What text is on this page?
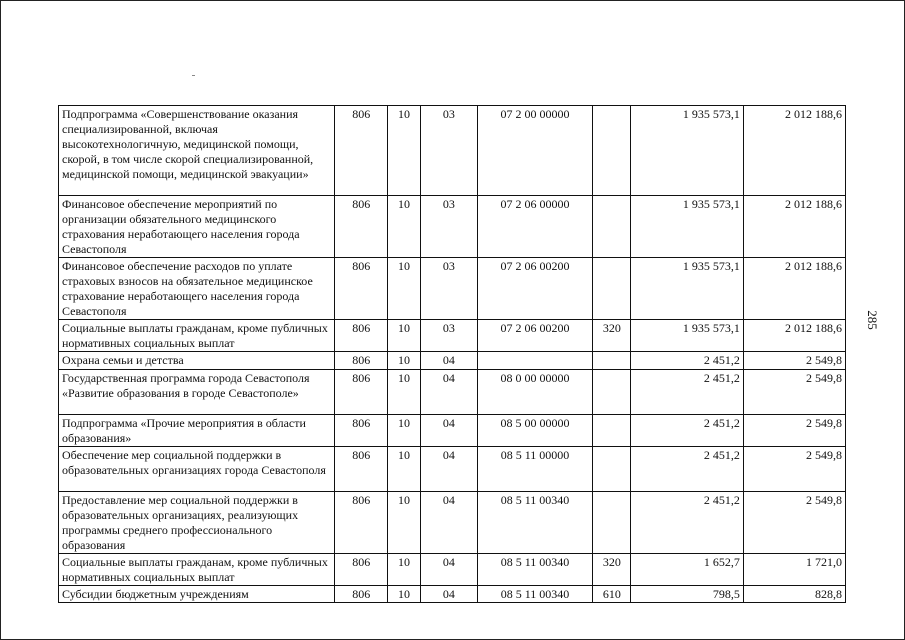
Подпрограмма «Совершенствование оказания специализированной, включая высокотехнологичную, медицинской помощи, скорой, в том числе скорой специализированной, медицинской помощи, медицинской эвакуации»	806	10	03	07 2 00 00000		1 935 573,1	2 012 188,6
Финансовое обеспечение мероприятий по организации обязательного медицинского страхования неработающего населения города Севастополя	806	10	03	07 2 06 00000		1 935 573,1	2 012 188,6
Финансовое обеспечение расходов по уплате страховых взносов на обязательное медицинское страхование неработающего населения города Севастополя	806	10	03	07 2 06 00200		1 935 573,1	2 012 188,6
Социальные выплаты гражданам, кроме публичных нормативных социальных выплат	806	10	03	07 2 06 00200	320	1 935 573,1	2 012 188,6
Охрана семьи и детства	806	10	04			2 451,2	2 549,8
Государственная программа города Севастополя «Развитие образования в городе Севастополе»	806	10	04	08 0 00 00000		2 451,2	2 549,8
Подпрограмма «Прочие мероприятия в области образования»	806	10	04	08 5 00 00000		2 451,2	2 549,8
Обеспечение мер социальной поддержки в образовательных организациях города Севастополя	806	10	04	08 5 11 00000		2 451,2	2 549,8
Предоставление мер социальной поддержки в образовательных организациях, реализующих программы среднего профессионального образования	806	10	04	08 5 11 00340		2 451,2	2 549,8
Социальные выплаты гражданам, кроме публичных нормативных социальных выплат	806	10	04	08 5 11 00340	320	1 652,7	1 721,0
Субсидии бюджетным учреждениям	806	10	04	08 5 11 00340	610	798,5	828,8
285
